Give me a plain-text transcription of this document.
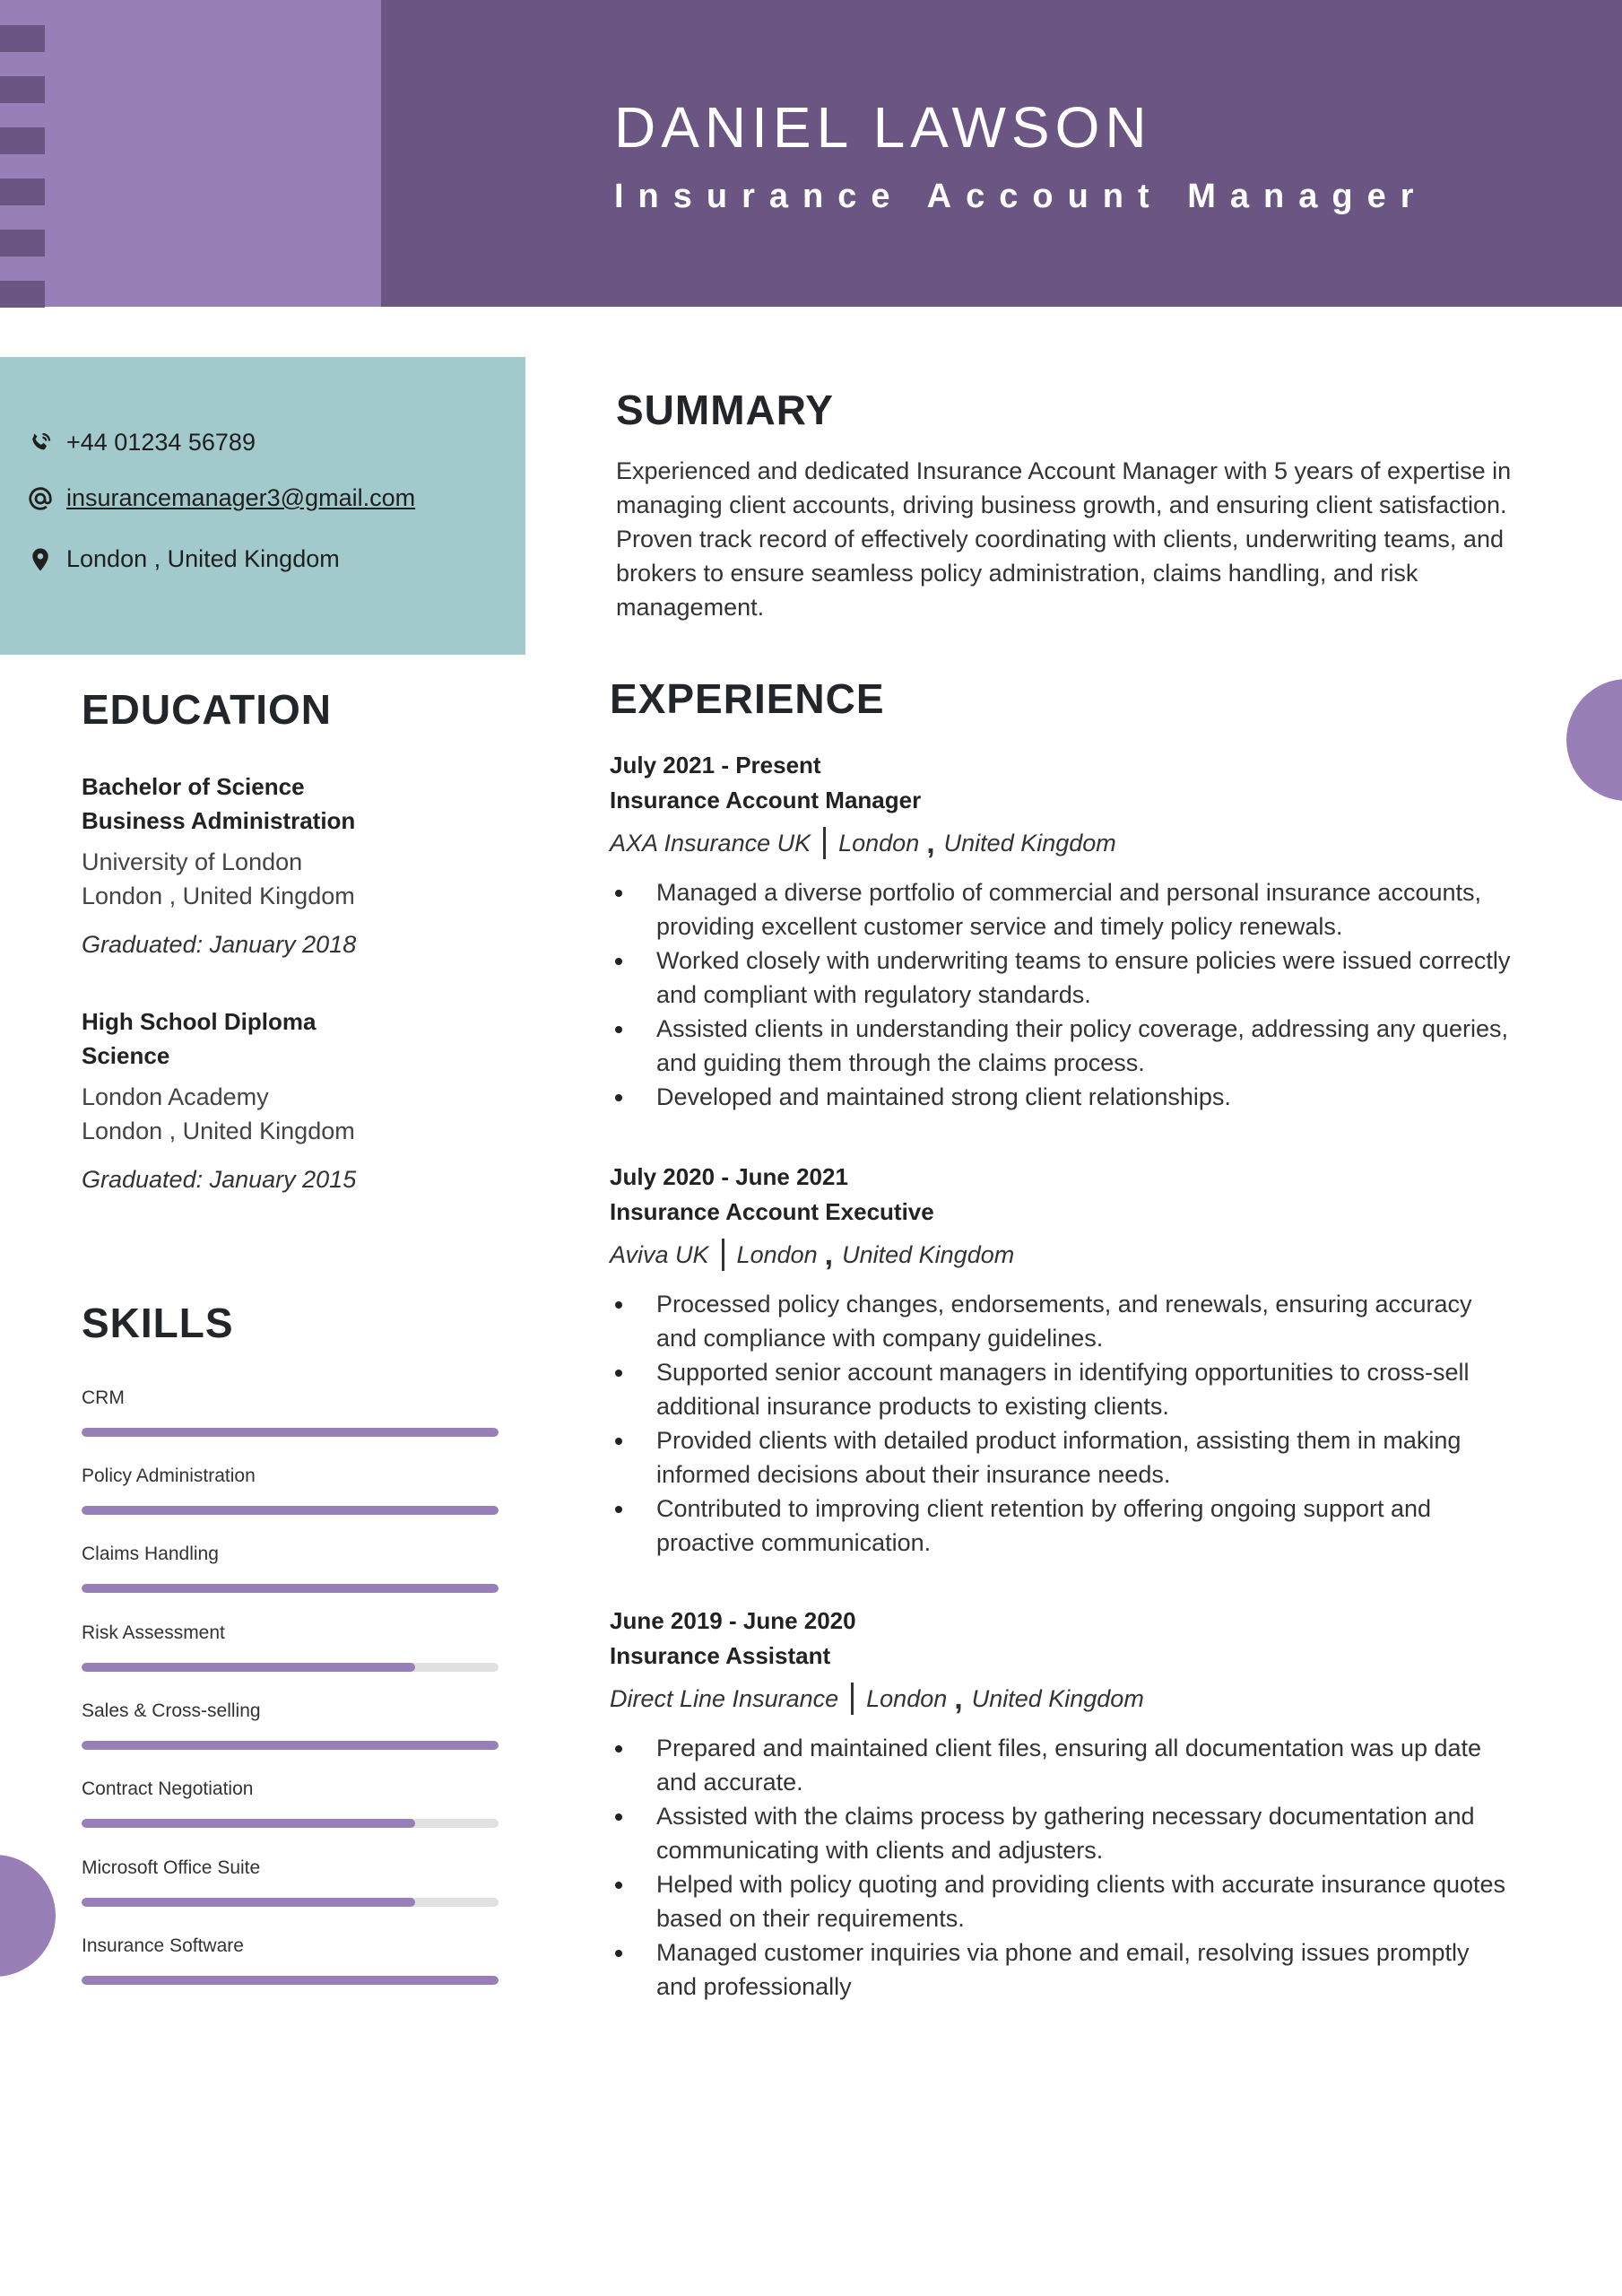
DANIEL LAWSON
Insurance Account Manager
+44 01234 56789
insurancemanager3@gmail.com
London , United Kingdom
SUMMARY
Experienced and dedicated Insurance Account Manager with 5 years of expertise in managing client accounts, driving business growth, and ensuring client satisfaction. Proven track record of effectively coordinating with clients, underwriting teams, and brokers to ensure seamless policy administration, claims handling, and risk management.
EDUCATION
Bachelor of Science
Business Administration
University of London
London , United Kingdom
Graduated: January 2018
High School Diploma
Science
London Academy
London , United Kingdom
Graduated: January 2015
SKILLS
CRM
Policy Administration
Claims Handling
Risk Assessment
Sales & Cross-selling
Contract Negotiation
Microsoft Office Suite
Insurance Software
EXPERIENCE
July 2021 - Present
Insurance Account Manager
AXA Insurance UK London , United Kingdom
Managed a diverse portfolio of commercial and personal insurance accounts, providing excellent customer service and timely policy renewals.
Worked closely with underwriting teams to ensure policies were issued correctly and compliant with regulatory standards.
Assisted clients in understanding their policy coverage, addressing any queries, and guiding them through the claims process.
Developed and maintained strong client relationships.
July 2020 - June 2021
Insurance Account Executive
Aviva UK London , United Kingdom
Processed policy changes, endorsements, and renewals, ensuring accuracy and compliance with company guidelines.
Supported senior account managers in identifying opportunities to cross-sell additional insurance products to existing clients.
Provided clients with detailed product information, assisting them in making informed decisions about their insurance needs.
Contributed to improving client retention by offering ongoing support and proactive communication.
June 2019 - June 2020
Insurance Assistant
Direct Line Insurance London , United Kingdom
Prepared and maintained client files, ensuring all documentation was up date and accurate.
Assisted with the claims process by gathering necessary documentation and communicating with clients and adjusters.
Helped with policy quoting and providing clients with accurate insurance quotes based on their requirements.
Managed customer inquiries via phone and email, resolving issues promptly and professionally
